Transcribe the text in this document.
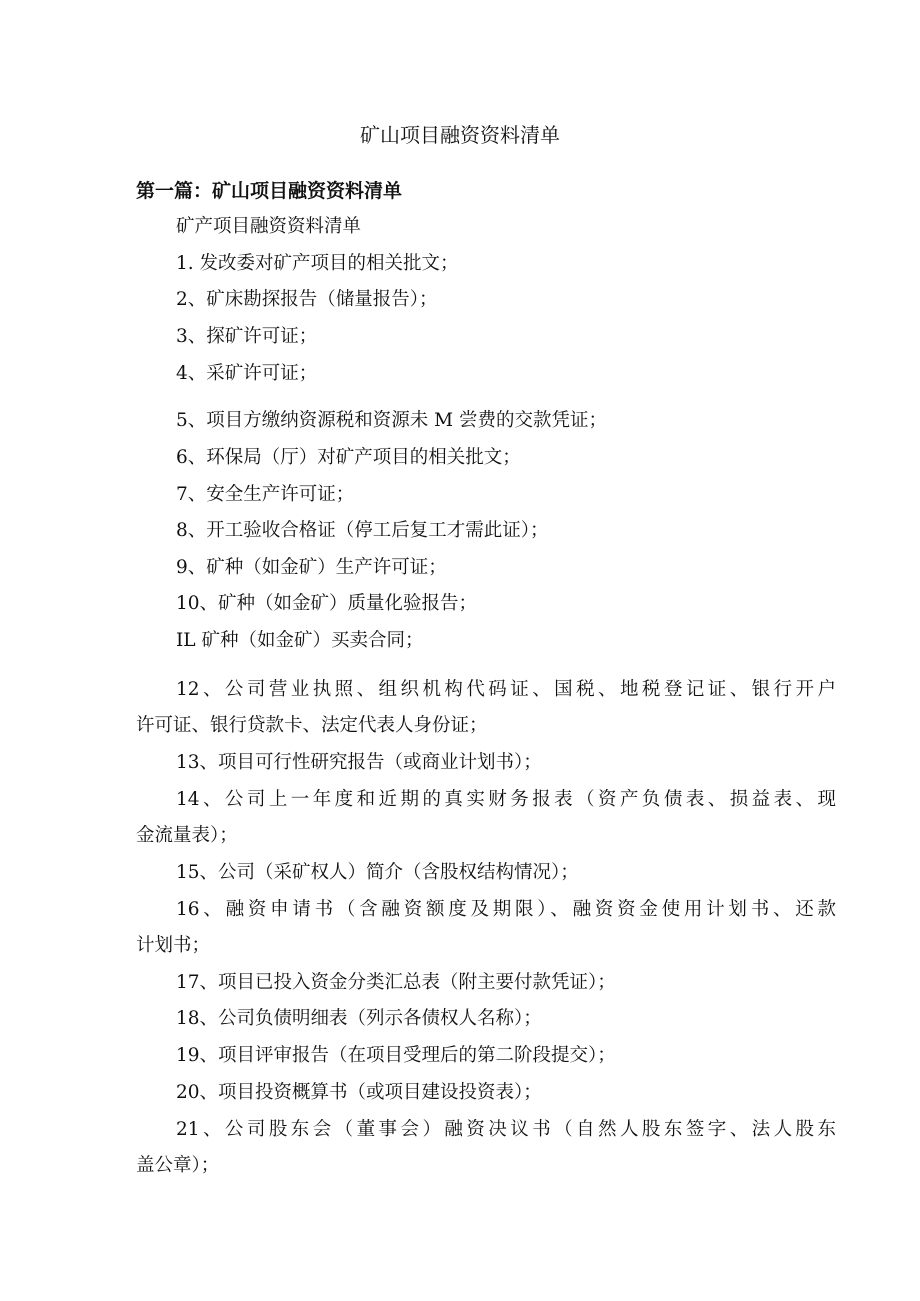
矿山项目融资资料清单
第一篇：矿山项目融资资料清单
矿产项目融资资料清单
1. 发改委对矿产项目的相关批文；
2、矿床勘探报告（储量报告）；
3、探矿许可证；
4、采矿许可证；
5、项目方缴纳资源税和资源未 M 尝费的交款凭证；
6、环保局（厅）对矿产项目的相关批文；
7、安全生产许可证；
8、开工验收合格证（停工后复工才需此证）；
9、矿种（如金矿）生产许可证；
10、矿种（如金矿）质量化验报告；
IL 矿种（如金矿）买卖合同；
12、公司营业执照、组织机构代码证、国税、地税登记证、银行开户
许可证、银行贷款卡、法定代表人身份证；
13、项目可行性研究报告（或商业计划书）；
14、公司上一年度和近期的真实财务报表（资产负债表、损益表、现
金流量表）；
15、公司（采矿权人）简介（含股权结构情况）；
16、融资申请书（含融资额度及期限）、融资资金使用计划书、还款
计划书；
17、项目已投入资金分类汇总表（附主要付款凭证）；
18、公司负债明细表（列示各债权人名称）；
19、项目评审报告（在项目受理后的第二阶段提交）；
20、项目投资概算书（或项目建设投资表）；
21、公司股东会（董事会）融资决议书（自然人股东签字、法人股东
盖公章）；
